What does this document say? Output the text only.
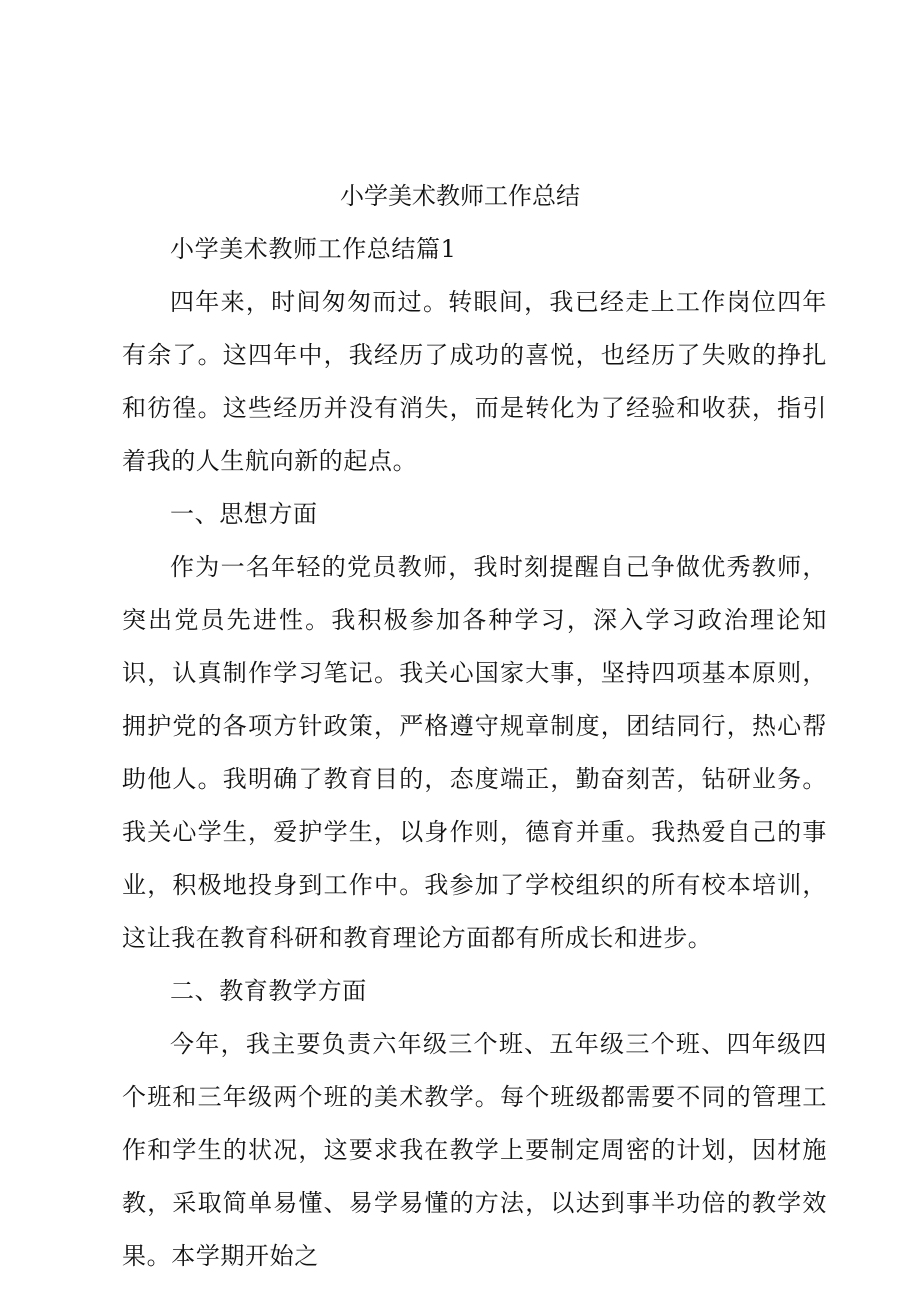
小学美术教师工作总结

小学美术教师工作总结篇1

四年来，时间匆匆而过。转眼间，我已经走上工作岗位四年有余了。这四年中，我经历了成功的喜悦，也经历了失败的挣扎和彷徨。这些经历并没有消失，而是转化为了经验和收获，指引着我的人生航向新的起点。

一、思想方面

作为一名年轻的党员教师，我时刻提醒自己争做优秀教师，突出党员先进性。我积极参加各种学习，深入学习政治理论知识，认真制作学习笔记。我关心国家大事，坚持四项基本原则，拥护党的各项方针政策，严格遵守规章制度，团结同行，热心帮助他人。我明确了教育目的，态度端正，勤奋刻苦，钻研业务。我关心学生，爱护学生，以身作则，德育并重。我热爱自己的事业，积极地投身到工作中。我参加了学校组织的所有校本培训，这让我在教育科研和教育理论方面都有所成长和进步。

二、教育教学方面

今年，我主要负责六年级三个班、五年级三个班、四年级四个班和三年级两个班的美术教学。每个班级都需要不同的管理工作和学生的状况，这要求我在教学上要制定周密的计划，因材施教，采取简单易懂、易学易懂的方法，以达到事半功倍的教学效果。本学期开始之
